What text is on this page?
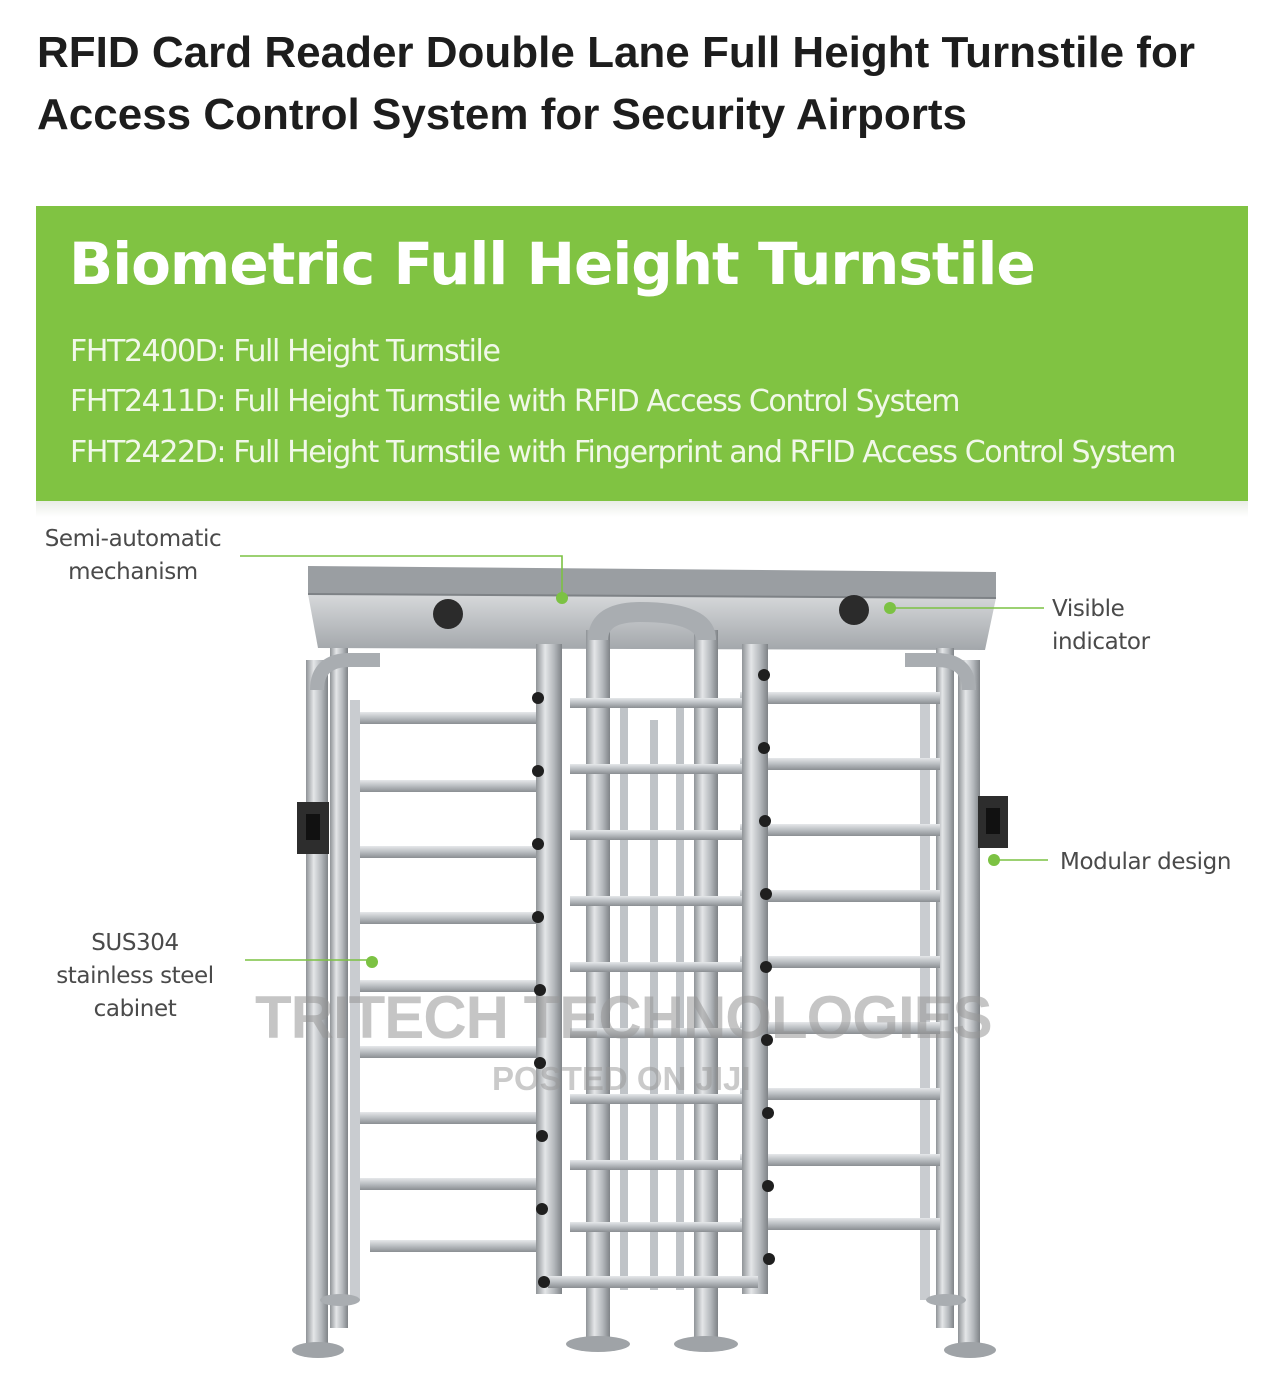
RFID Card Reader Double Lane Full Height Turnstile for Access Control System for Security Airports
Biometric Full Height Turnstile

FHT2400D: Full Height Turnstile

FHT2411D: Full Height Turnstile with RFID Access Control System

FHT2422D: Full Height Turnstile with Fingerprint and RFID Access Control System

Semi-automatic mechanism
Visible indicator
Modular design
SUS304 stainless steel cabinet	TRITECH TECHNOLOGIES
POSTED ON JIJI
